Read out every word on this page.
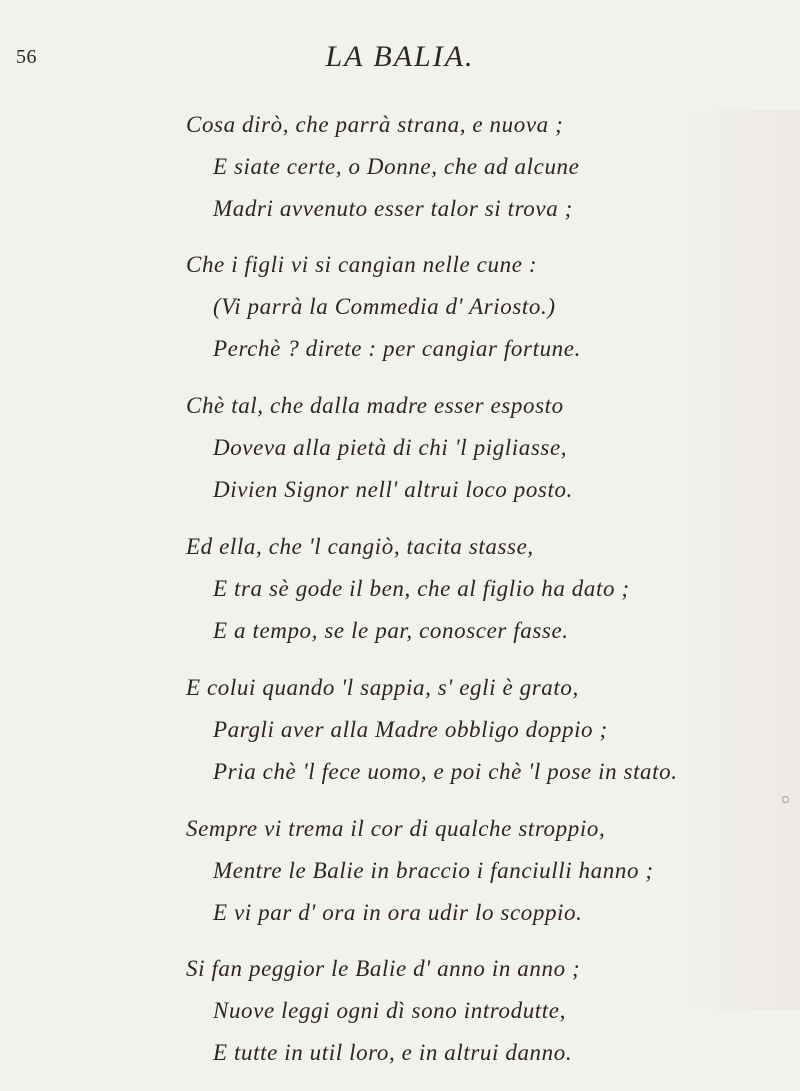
56	LA BALIA.
Cosa dirò, che parrà strana, e nuova ;
E siate certe, o Donne, che ad alcune
Madri avvenuto esser talor si trova ;
Che i figli vi si cangian nelle cune :
(Vi parrà la Commedia d' Ariosto.)
Perchè ? direte : per cangiar fortune.
Chè tal, che dalla madre esser esposto
Doveva alla pietà di chi 'l pigliasse,
Divien Signor nell' altrui loco posto.
Ed ella, che 'l cangiò, tacita stasse,
E tra sè gode il ben, che al figlio ha dato ;
E a tempo, se le par, conoscer fasse.
E colui quando 'l sappia, s' egli è grato,
Pargli aver alla Madre obbligo doppio ;
Pria chè 'l fece uomo, e poi chè 'l pose in stato.
Sempre vi trema il cor di qualche stroppio,
Mentre le Balie in braccio i fanciulli hanno ;
E vi par d' ora in ora udir lo scoppio.
Si fan peggior le Balie d' anno in anno ;
Nuove leggi ogni dì sono introdutte,
E tutte in util loro, e in altrui danno.
